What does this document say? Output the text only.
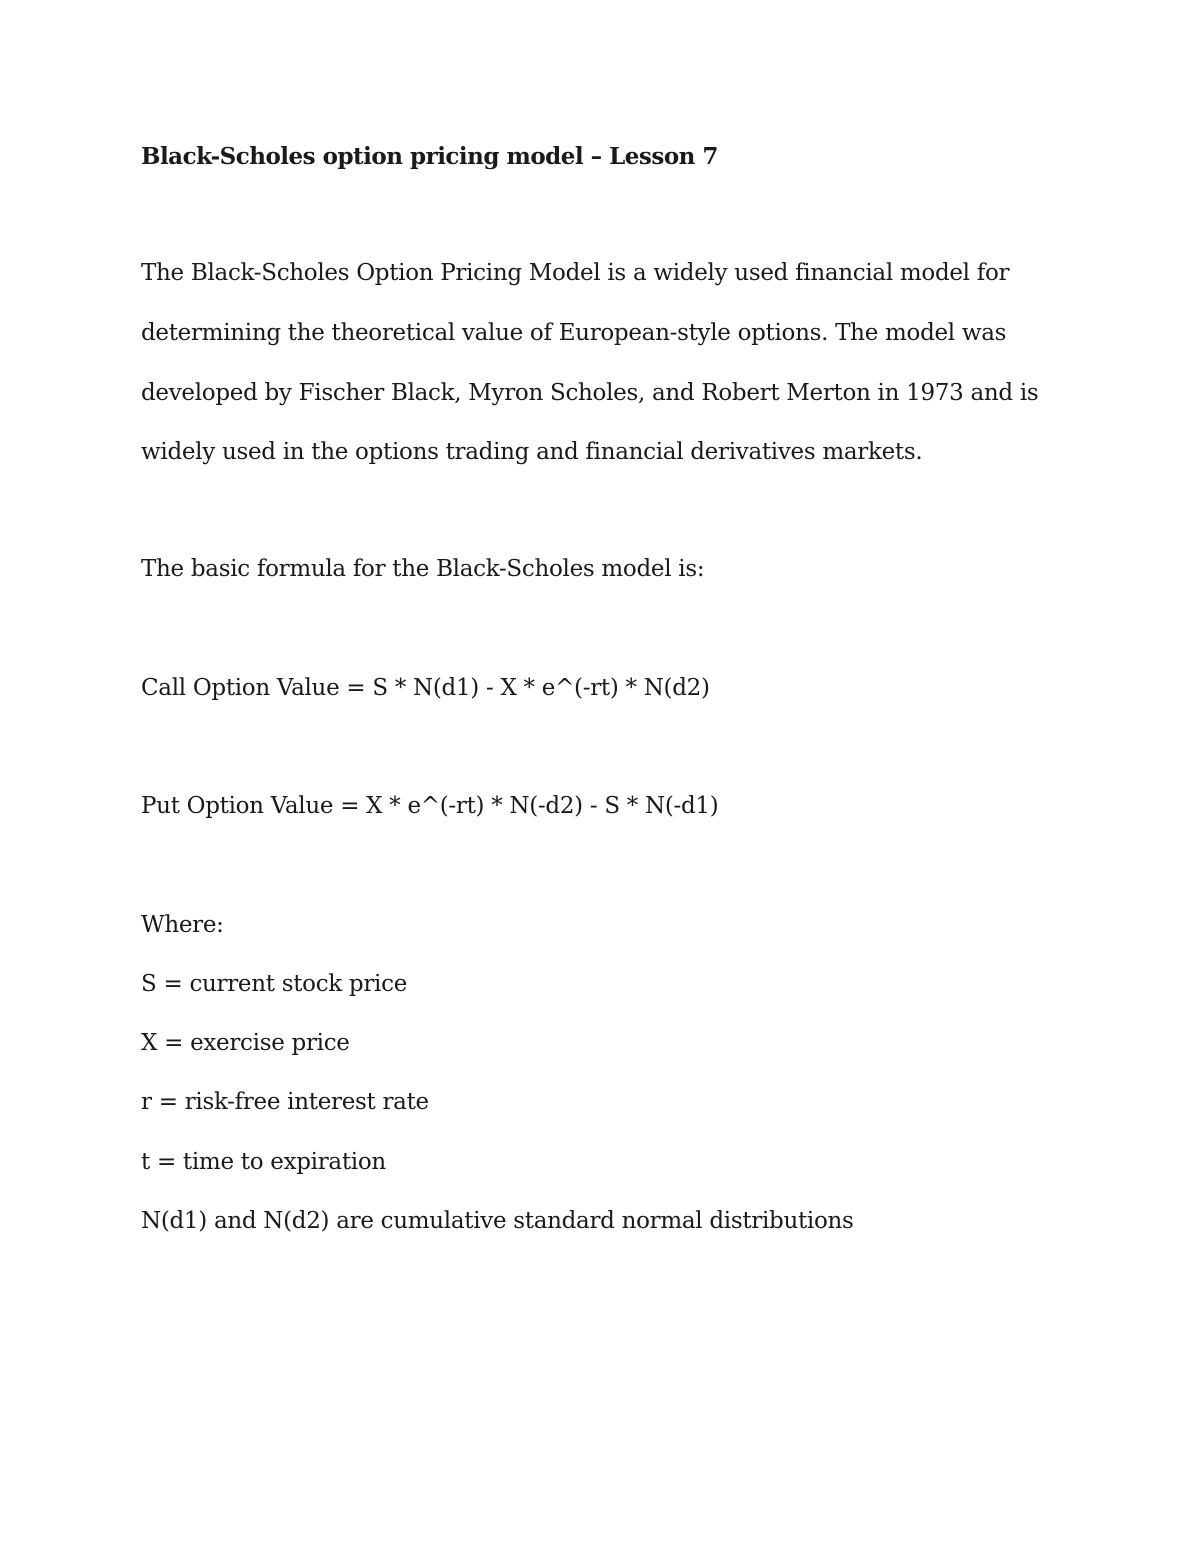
Black-Scholes option pricing model – Lesson 7
The Black-Scholes Option Pricing Model is a widely used financial model for
determining the theoretical value of European-style options. The model was
developed by Fischer Black, Myron Scholes, and Robert Merton in 1973 and is
widely used in the options trading and financial derivatives markets.
The basic formula for the Black-Scholes model is:
Call Option Value = S * N(d1) - X * e^(-rt) * N(d2)
Put Option Value = X * e^(-rt) * N(-d2) - S * N(-d1)
Where:
S = current stock price
X = exercise price
r = risk-free interest rate
t = time to expiration
N(d1) and N(d2) are cumulative standard normal distributions
